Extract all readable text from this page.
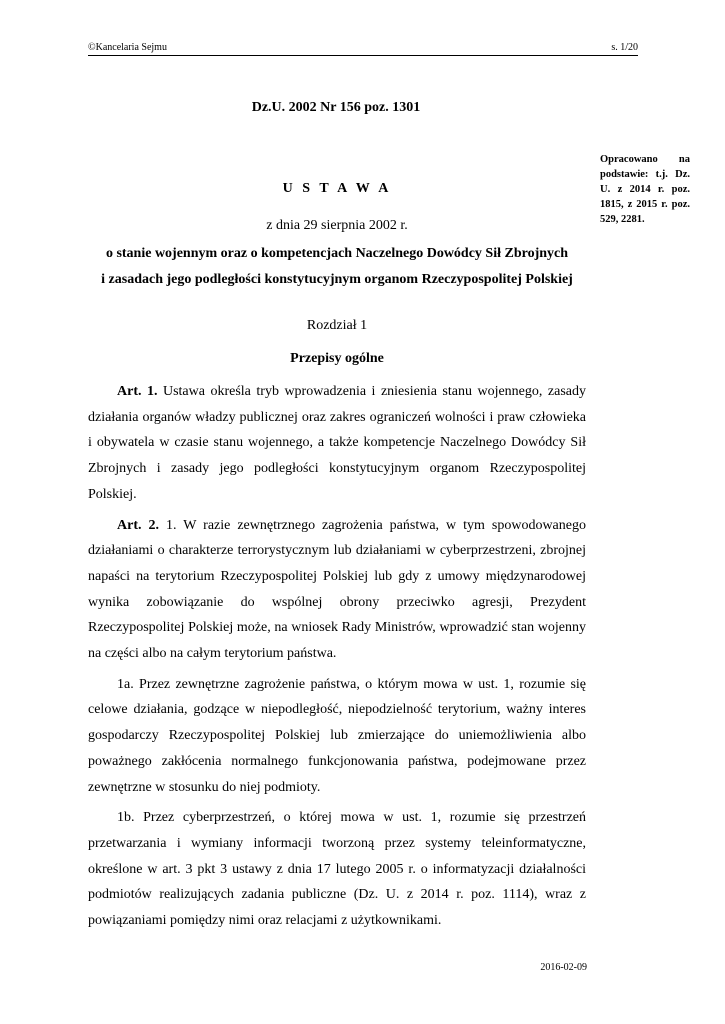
©Kancelaria Sejmu	s. 1/20
Dz.U. 2002 Nr 156 poz. 1301
Opracowano na podstawie: t.j. Dz. U. z 2014 r. poz. 1815, z 2015 r. poz. 529, 2281.
U S T A W A
z dnia 29 sierpnia 2002 r.
o stanie wojennym oraz o kompetencjach Naczelnego Dowódcy Sił Zbrojnych
i zasadach jego podległości konstytucyjnym organom Rzeczypospolitej Polskiej
Rozdział 1
Przepisy ogólne

Art. 1. Ustawa określa tryb wprowadzenia i zniesienia stanu wojennego, zasady działania organów władzy publicznej oraz zakres ograniczeń wolności i praw człowieka i obywatela w czasie stanu wojennego, a także kompetencje Naczelnego Dowódcy Sił Zbrojnych i zasady jego podległości konstytucyjnym organom Rzeczypospolitej Polskiej.

Art. 2. 1. W razie zewnętrznego zagrożenia państwa, w tym spowodowanego działaniami o charakterze terrorystycznym lub działaniami w cyberprzestrzeni, zbrojnej napaści na terytorium Rzeczypospolitej Polskiej lub gdy z umowy międzynarodowej wynika zobowiązanie do wspólnej obrony przeciwko agresji, Prezydent Rzeczypospolitej Polskiej może, na wniosek Rady Ministrów, wprowadzić stan wojenny na części albo na całym terytorium państwa.

1a. Przez zewnętrzne zagrożenie państwa, o którym mowa w ust. 1, rozumie się celowe działania, godzące w niepodległość, niepodzielność terytorium, ważny interes gospodarczy Rzeczypospolitej Polskiej lub zmierzające do uniemożliwienia albo poważnego zakłócenia normalnego funkcjonowania państwa, podejmowane przez zewnętrzne w stosunku do niej podmioty.

1b. Przez cyberprzestrzeń, o której mowa w ust. 1, rozumie się przestrzeń przetwarzania i wymiany informacji tworzoną przez systemy teleinformatyczne, określone w art. 3 pkt 3 ustawy z dnia 17 lutego 2005 r. o informatyzacji działalności podmiotów realizujących zadania publiczne (Dz. U. z 2014 r. poz. 1114), wraz z powiązaniami pomiędzy nimi oraz relacjami z użytkownikami.

2016-02-09
